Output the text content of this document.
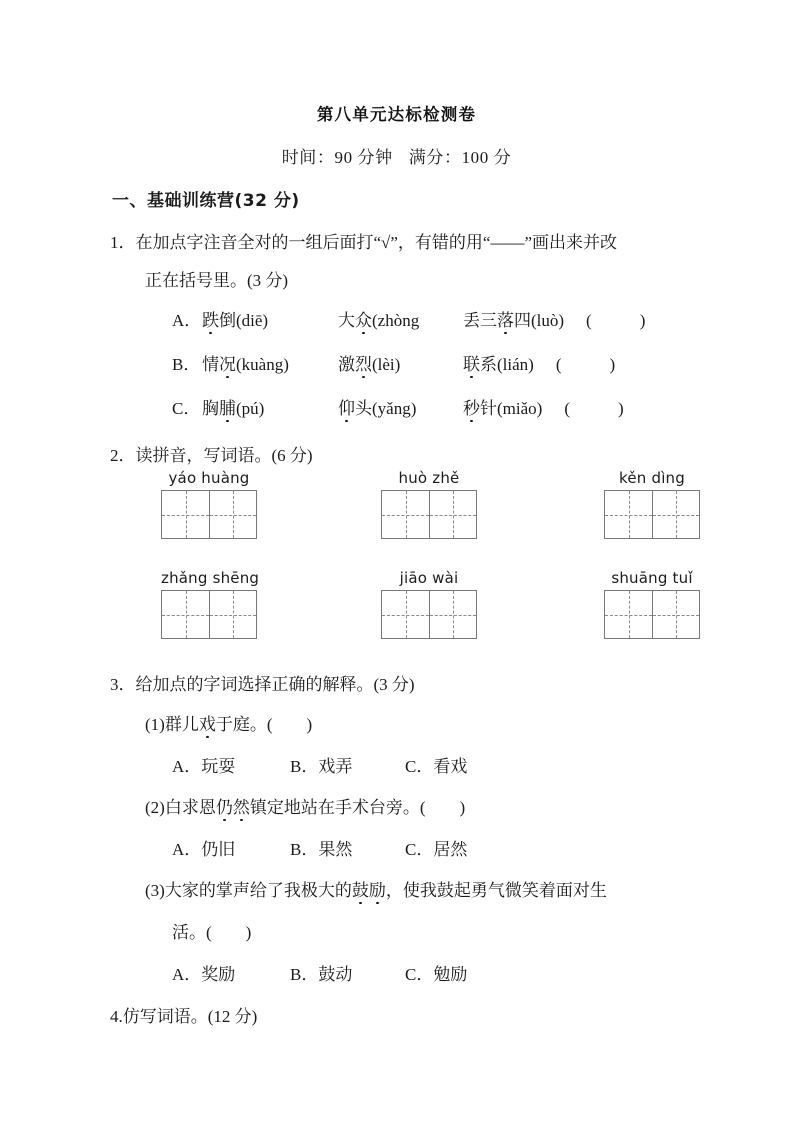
第八单元达标检测卷
时间：90 分钟 满分：100 分
一、基础训练营(32 分)
1．在加点字注音全对的一组后面打“√”，有错的用“——”画出来并改
正在括号里。(3 分)
A．跌倒(diē)	大众(zhòng	丢三落四(luò) (	)
B．情况(kuàng)	激烈(lèi)	联系(lián) (	)
C．胸脯(pú)	仰头(yǎng)	秒针(miǎo) (	)
2．读拼音，写词语。(6 分)
yáo huàng	huò zhě	kěn dìng
zhǎng shēng	jiāo wài	shuāng tuǐ
3．给加点的字词选择正确的解释。(3 分)
(1)群儿戏于庭。( )
A．玩耍	B．戏弄	C．看戏
(2)白求恩仍然镇定地站在手术台旁。( )
A．仍旧	B．果然	C．居然
(3)大家的掌声给了我极大的鼓励，使我鼓起勇气微笑着面对生
活。( )
A．奖励	B．鼓动	C．勉励
4.仿写词语。(12 分)
